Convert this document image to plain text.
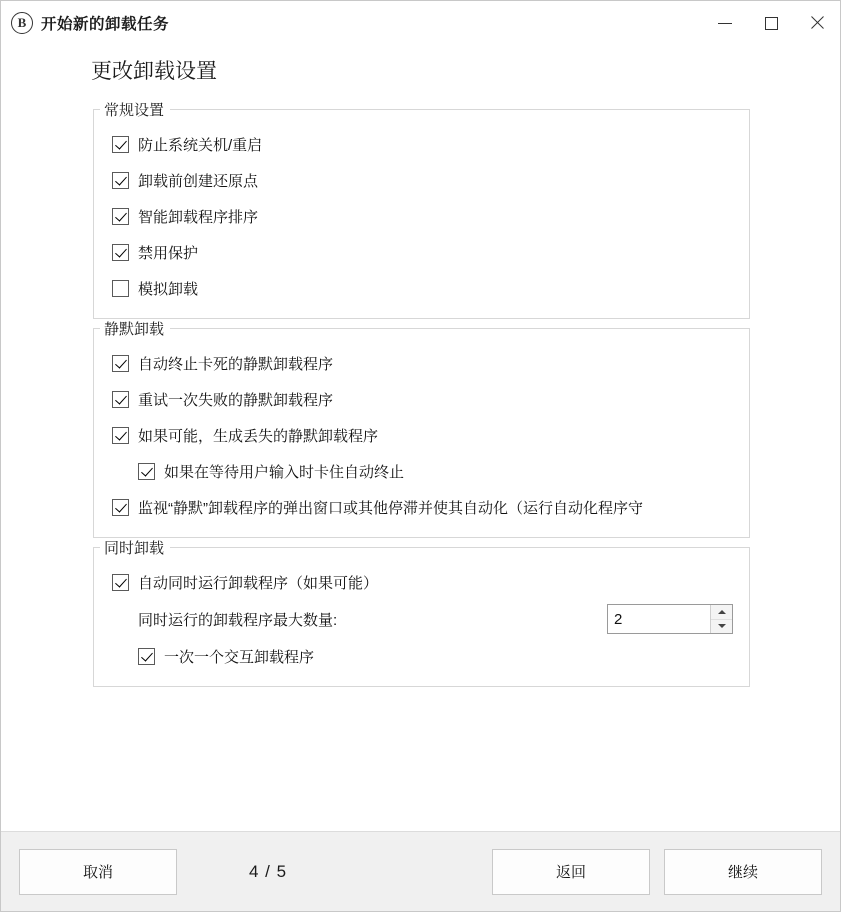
B 开始新的卸载任务
更改卸载设置
常规设置
防止系统关机/重启
卸载前创建还原点
智能卸载程序排序
禁用保护
模拟卸载
静默卸载
自动终止卡死的静默卸载程序
重试一次失败的静默卸载程序
如果可能，生成丢失的静默卸载程序
如果在等待用户输入时卡住自动终止
监视“静默”卸载程序的弹出窗口或其他停滞并使其自动化（运行自动化程序守
同时卸载
自动同时运行卸载程序（如果可能）
同时运行的卸载程序最大数量:	2
一次一个交互卸载程序
取消	4 / 5	返回	继续
